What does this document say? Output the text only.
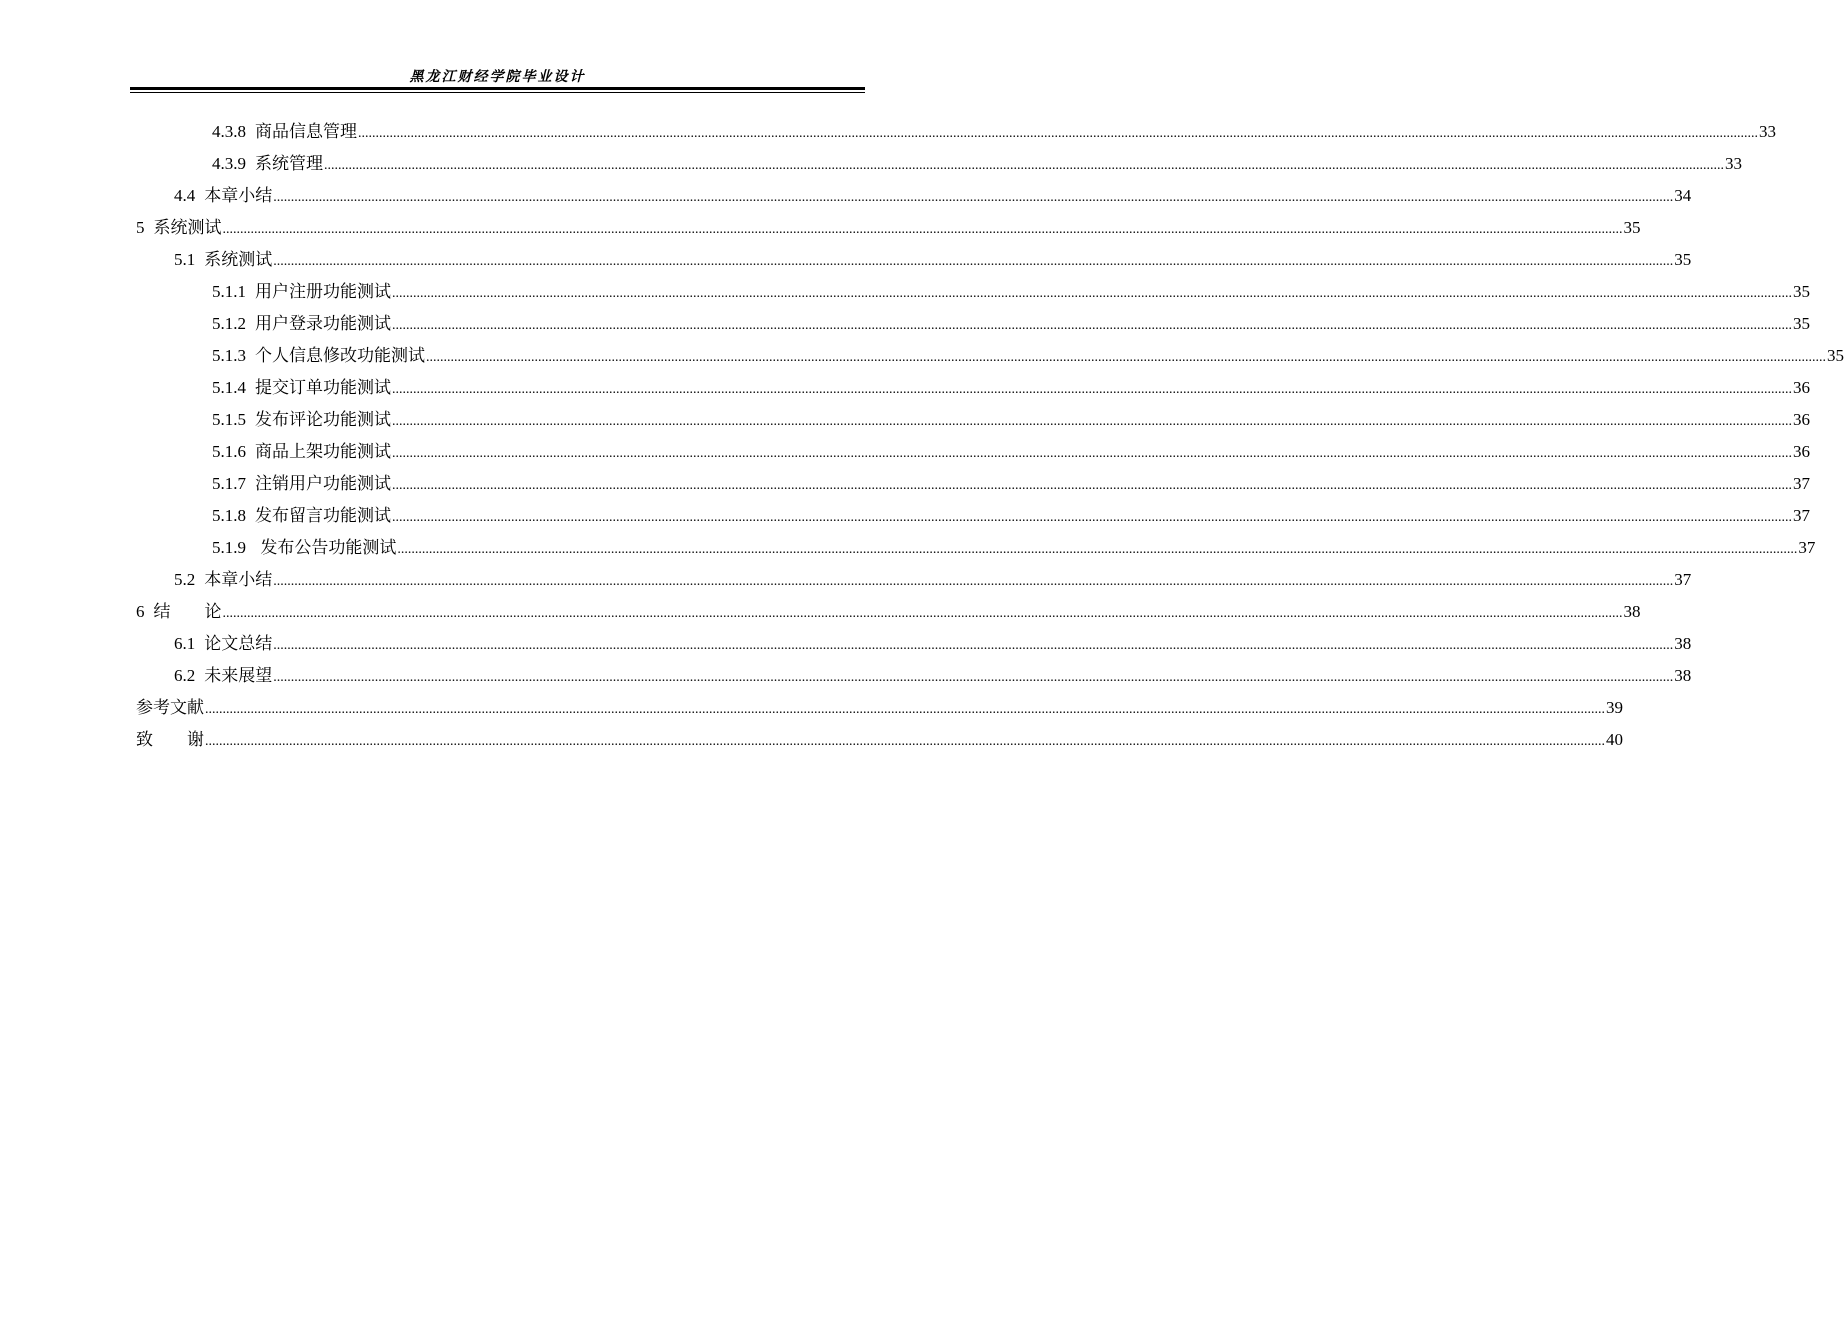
黑龙江财经学院毕业设计
4.3.8 商品信息管理 ................................................................................................................................................................................................................................................................................................................................................................................................................ 33
4.3.9 系统管理 ................................................................................................................................................................................................................................................................................................................................................................................................................ 33
4.4 本章小结 ................................................................................................................................................................................................................................................................................................................................................................................................................ 34
5 系统测试 ................................................................................................................................................................................................................................................................................................................................................................................................................ 35
5.1 系统测试 ................................................................................................................................................................................................................................................................................................................................................................................................................ 35
5.1.1 用户注册功能测试 ................................................................................................................................................................................................................................................................................................................................................................................................................ 35
5.1.2 用户登录功能测试 ................................................................................................................................................................................................................................................................................................................................................................................................................ 35
5.1.3 个人信息修改功能测试 ................................................................................................................................................................................................................................................................................................................................................................................................................ 35
5.1.4 提交订单功能测试 ................................................................................................................................................................................................................................................................................................................................................................................................................ 36
5.1.5 发布评论功能测试 ................................................................................................................................................................................................................................................................................................................................................................................................................ 36
5.1.6 商品上架功能测试 ................................................................................................................................................................................................................................................................................................................................................................................................................ 36
5.1.7 注销用户功能测试 ................................................................................................................................................................................................................................................................................................................................................................................................................ 37
5.1.8 发布留言功能测试 ................................................................................................................................................................................................................................................................................................................................................................................................................ 37
5.1.9 发布公告功能测试 ................................................................................................................................................................................................................................................................................................................................................................................................................ 37
5.2 本章小结 ................................................................................................................................................................................................................................................................................................................................................................................................................ 37
6 结　　论 ................................................................................................................................................................................................................................................................................................................................................................................................................ 38
6.1 论文总结 ................................................................................................................................................................................................................................................................................................................................................................................................................ 38
6.2 未来展望 ................................................................................................................................................................................................................................................................................................................................................................................................................ 38
参考文献 ................................................................................................................................................................................................................................................................................................................................................................................................................ 39
致　　谢 ................................................................................................................................................................................................................................................................................................................................................................................................................ 40
